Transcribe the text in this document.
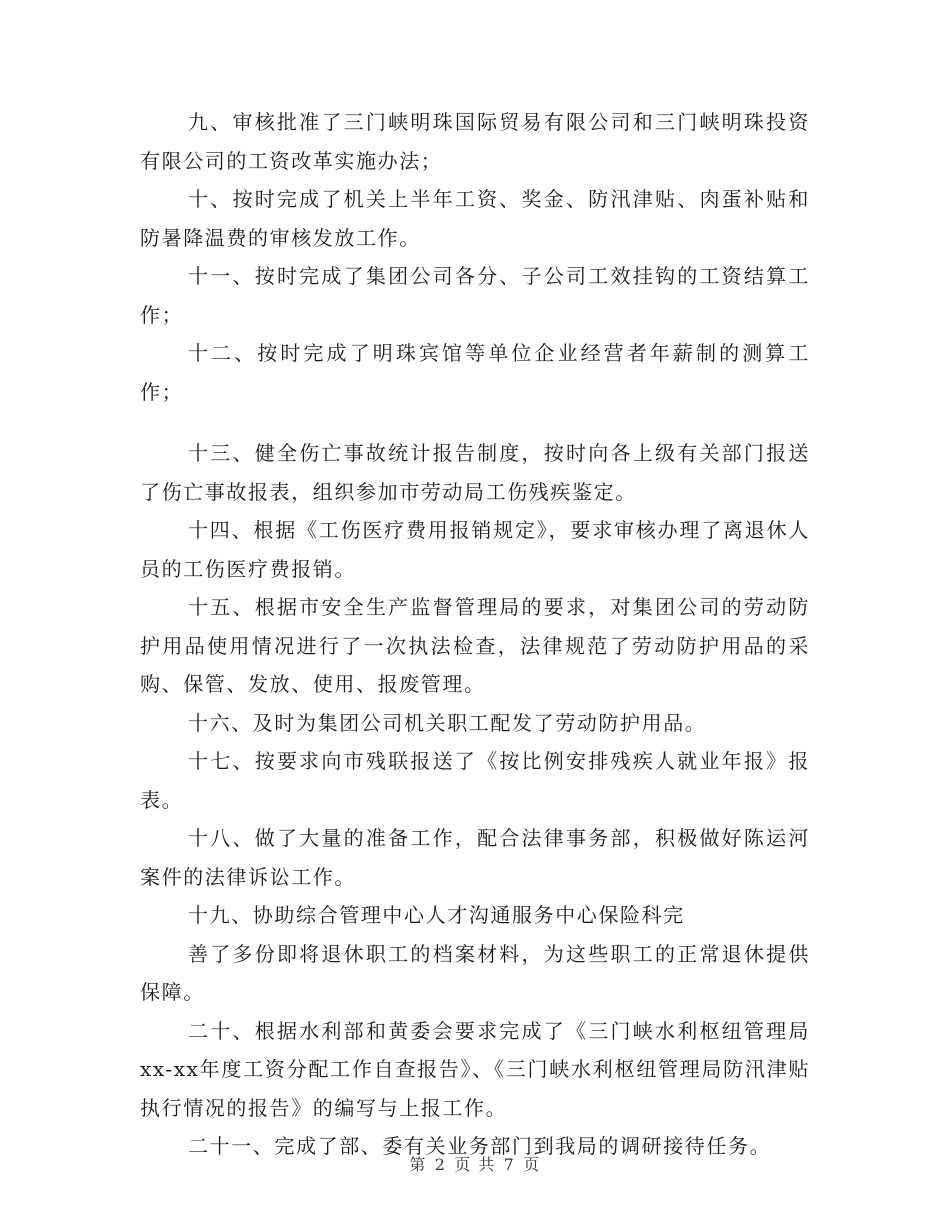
九、审核批准了三门峡明珠国际贸易有限公司和三门峡明珠投资有限公司的工资改革实施办法；

十、按时完成了机关上半年工资、奖金、防汛津贴、肉蛋补贴和防暑降温费的审核发放工作。

十一、按时完成了集团公司各分、子公司工效挂钩的工资结算工作；

十二、按时完成了明珠宾馆等单位企业经营者年薪制的测算工作；

十三、健全伤亡事故统计报告制度，按时向各上级有关部门报送了伤亡事故报表，组织参加市劳动局工伤残疾鉴定。

十四、根据《工伤医疗费用报销规定》，要求审核办理了离退休人员的工伤医疗费报销。

十五、根据市安全生产监督管理局的要求，对集团公司的劳动防护用品使用情况进行了一次执法检查，法律规范了劳动防护用品的采购、保管、发放、使用、报废管理。

十六、及时为集团公司机关职工配发了劳动防护用品。

十七、按要求向市残联报送了《按比例安排残疾人就业年报》报表。

十八、做了大量的准备工作，配合法律事务部，积极做好陈运河案件的法律诉讼工作。

十九、协助综合管理中心人才沟通服务中心保险科完

善了多份即将退休职工的档案材料，为这些职工的正常退休提供保障。

二十、根据水利部和黄委会要求完成了《三门峡水利枢纽管理局xx-xx年度工资分配工作自查报告》、《三门峡水利枢纽管理局防汛津贴执行情况的报告》的编写与上报工作。

二十一、完成了部、委有关业务部门到我局的调研接待任务。

第 2 页 共 7 页
